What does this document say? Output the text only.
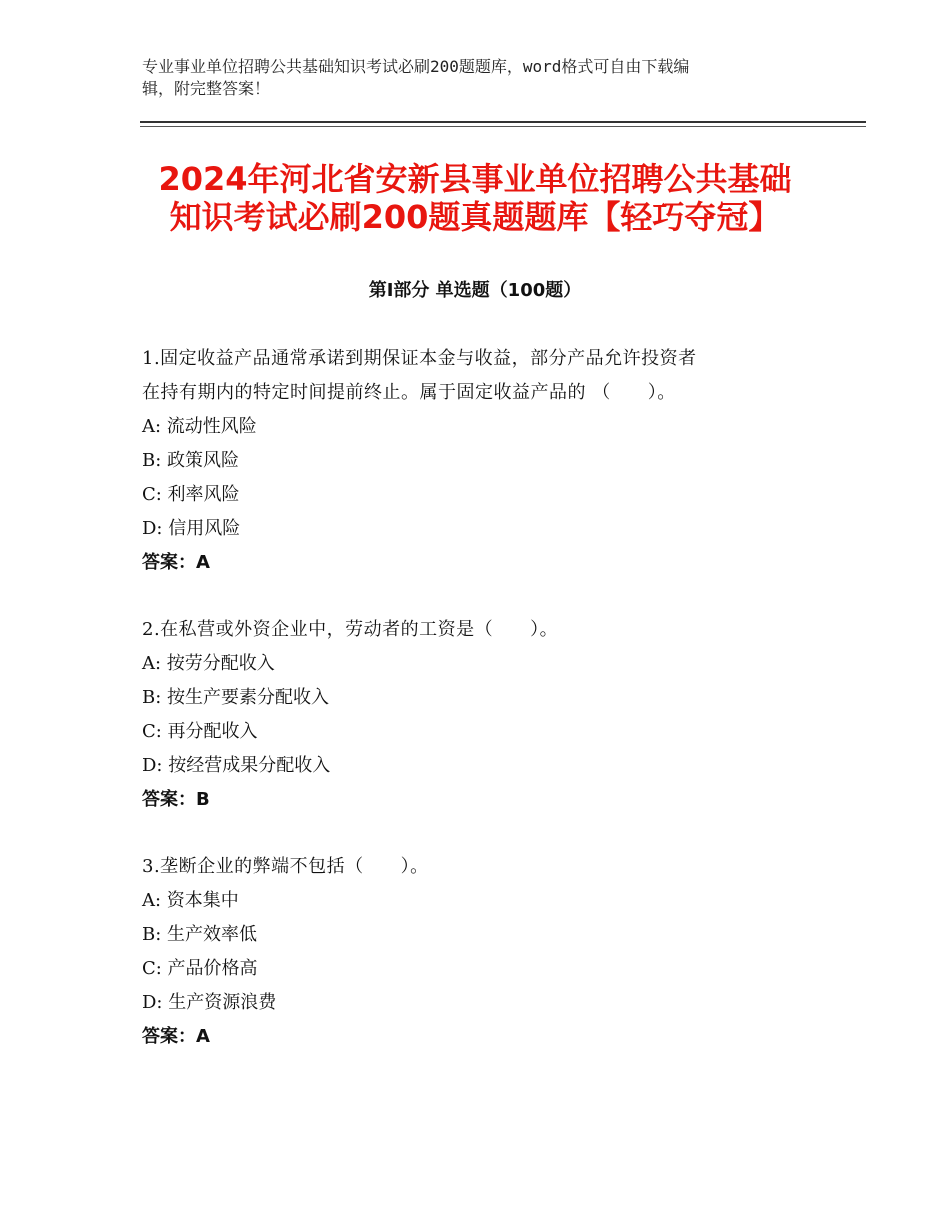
专业事业单位招聘公共基础知识考试必刷200题题库，word格式可自由下载编
辑，附完整答案！
2024年河北省安新县事业单位招聘公共基础
知识考试必刷200题真题题库【轻巧夺冠】
第Ⅰ部分 单选题（100题）
1.固定收益产品通常承诺到期保证本金与收益，部分产品允许投资者
在持有期内的特定时间提前终止。属于固定收益产品的 （　　）。
A: 流动性风险
B: 政策风险
C: 利率风险
D: 信用风险
答案：A
2.在私营或外资企业中，劳动者的工资是（　　）。
A: 按劳分配收入
B: 按生产要素分配收入
C: 再分配收入
D: 按经营成果分配收入
答案：B
3.垄断企业的弊端不包括（　　）。
A: 资本集中
B: 生产效率低
C: 产品价格高
D: 生产资源浪费
答案：A
